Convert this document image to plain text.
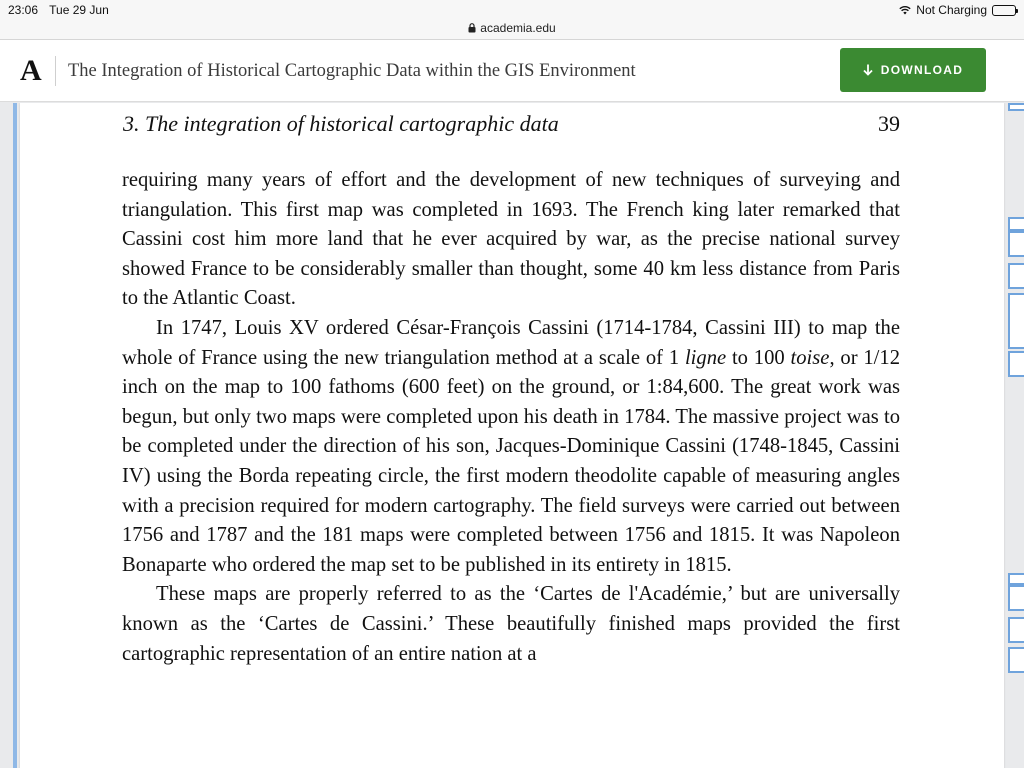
23:06 Tue 29 Jun	Not Charging
academia.edu
A The Integration of Historical Cartographic Data within the GIS Environment	DOWNLOAD
3. The integration of historical cartographic data	39

requiring many years of effort and the development of new techniques of surveying and triangulation. This first map was completed in 1693. The French king later remarked that Cassini cost him more land that he ever acquired by war, as the precise national survey showed France to be considerably smaller than thought, some 40 km less distance from Paris to the Atlantic Coast.

In 1747, Louis XV ordered César-François Cassini (1714-1784, Cassini III) to map the whole of France using the new triangulation method at a scale of 1 ligne to 100 toise, or 1/12 inch on the map to 100 fathoms (600 feet) on the ground, or 1:84,600. The great work was begun, but only two maps were completed upon his death in 1784. The massive project was to be completed under the direction of his son, Jacques-Dominique Cassini (1748-1845, Cassini IV) using the Borda repeating circle, the first modern theodolite capable of measuring angles with a precision required for modern cartography. The field surveys were carried out between 1756 and 1787 and the 181 maps were completed between 1756 and 1815. It was Napoleon Bonaparte who ordered the map set to be published in its entirety in 1815.

These maps are properly referred to as the ‘Cartes de l'Académie,’ but are universally known as the ‘Cartes de Cassini.’ These beautifully finished maps provided the first cartographic representation of an entire nation at a
